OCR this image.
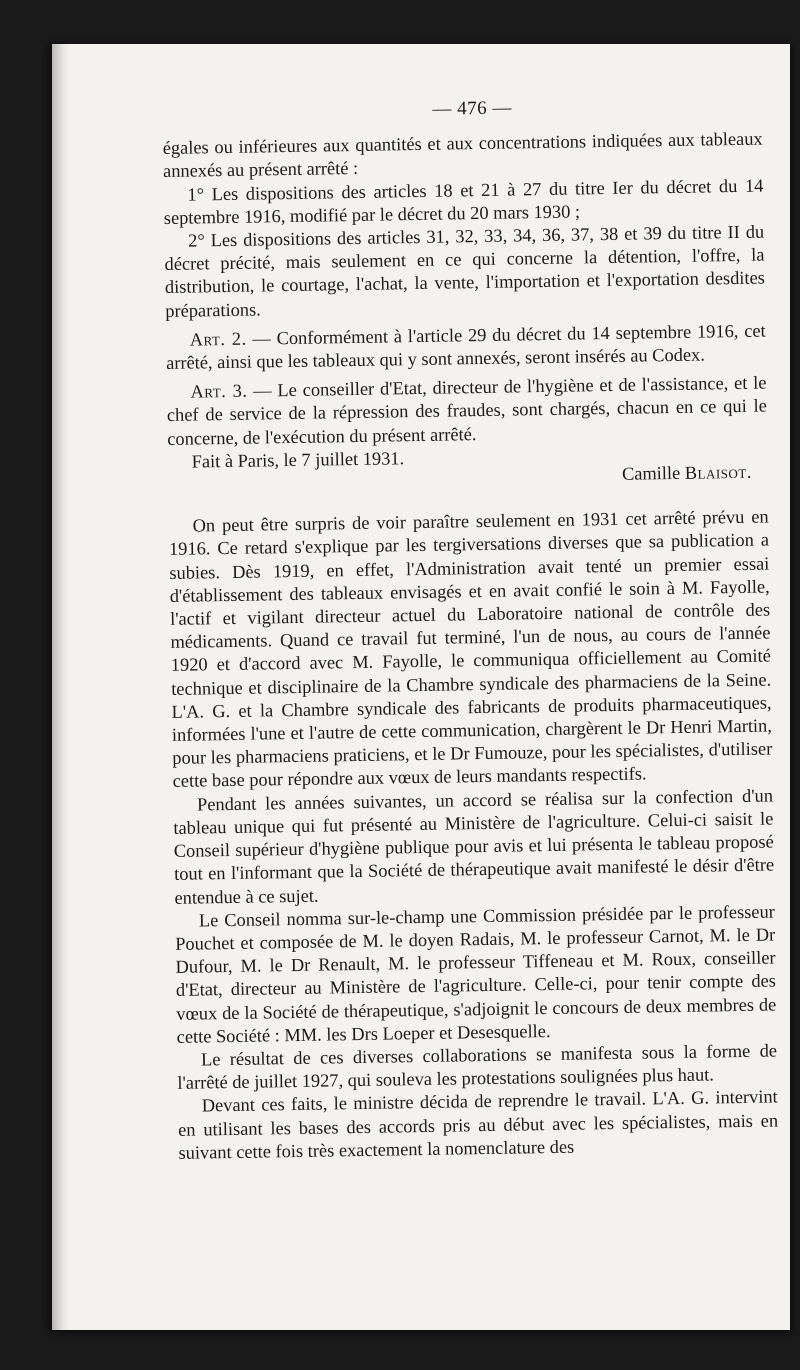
— 476 —

égales ou inférieures aux quantités et aux concentrations indiquées aux tableaux annexés au présent arrêté :

1° Les dispositions des articles 18 et 21 à 27 du titre Ier du décret du 14 septembre 1916, modifié par le décret du 20 mars 1930 ;

2° Les dispositions des articles 31, 32, 33, 34, 36, 37, 38 et 39 du titre II du décret précité, mais seulement en ce qui concerne la détention, l'offre, la distribution, le courtage, l'achat, la vente, l'importation et l'exportation desdites préparations.

Art. 2. — Conformément à l'article 29 du décret du 14 septembre 1916, cet arrêté, ainsi que les tableaux qui y sont annexés, seront insérés au Codex.

Art. 3. — Le conseiller d'Etat, directeur de l'hygiène et de l'assistance, et le chef de service de la répression des fraudes, sont chargés, chacun en ce qui le concerne, de l'exécution du présent arrêté.

Fait à Paris, le 7 juillet 1931.

Camille Blaisot.

On peut être surpris de voir paraître seulement en 1931 cet arrêté prévu en 1916. Ce retard s'explique par les tergiversations diverses que sa publication a subies. Dès 1919, en effet, l'Administration avait tenté un premier essai d'établissement des tableaux envisagés et en avait confié le soin à M. Fayolle, l'actif et vigilant directeur actuel du Laboratoire national de contrôle des médicaments. Quand ce travail fut terminé, l'un de nous, au cours de l'année 1920 et d'accord avec M. Fayolle, le communiqua officiellement au Comité technique et disciplinaire de la Chambre syndicale des pharmaciens de la Seine. L'A. G. et la Chambre syndicale des fabricants de produits pharmaceutiques, informées l'une et l'autre de cette communication, chargèrent le Dr Henri Martin, pour les pharmaciens praticiens, et le Dr Fumouze, pour les spécialistes, d'utiliser cette base pour répondre aux vœux de leurs mandants respectifs.

Pendant les années suivantes, un accord se réalisa sur la confection d'un tableau unique qui fut présenté au Ministère de l'agriculture. Celui-ci saisit le Conseil supérieur d'hygiène publique pour avis et lui présenta le tableau proposé tout en l'informant que la Société de thérapeutique avait manifesté le désir d'être entendue à ce sujet.

Le Conseil nomma sur-le-champ une Commission présidée par le professeur Pouchet et composée de M. le doyen Radais, M. le professeur Carnot, M. le Dr Dufour, M. le Dr Renault, M. le professeur Tiffeneau et M. Roux, conseiller d'Etat, directeur au Ministère de l'agriculture. Celle-ci, pour tenir compte des vœux de la Société de thérapeutique, s'adjoignit le concours de deux membres de cette Société : MM. les Drs Loeper et Desesquelle.

Le résultat de ces diverses collaborations se manifesta sous la forme de l'arrêté de juillet 1927, qui souleva les protestations soulignées plus haut.

Devant ces faits, le ministre décida de reprendre le travail. L'A. G. intervint en utilisant les bases des accords pris au début avec les spécialistes, mais en suivant cette fois très exactement la nomenclature des
